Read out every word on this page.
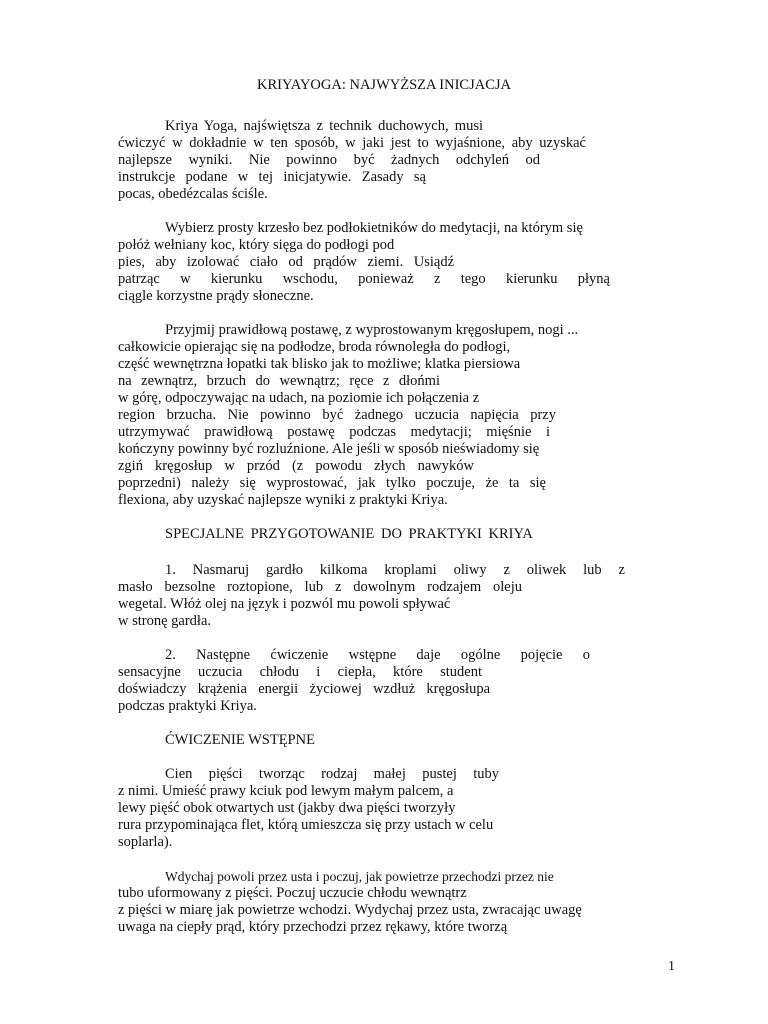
KRIYAYOGA: NAJWYŻSZA INICJACJA
Kriya Yoga, najświętsza z technik duchowych, musi
ćwiczyć w dokładnie w ten sposób, w jaki jest to wyjaśnione, aby uzyskać
najlepsze wyniki. Nie powinno być żadnych odchyleń od
instrukcje podane w tej inicjatywie. Zasady są
pocas, obedézcalas ściśle.
Wybierz prosty krzesło bez podłokietników do medytacji, na którym się
połóż wełniany koc, który sięga do podłogi pod
pies, aby izolować ciało od prądów ziemi. Usiądź
patrząc w kierunku wschodu, ponieważ z tego kierunku płyną
ciągle korzystne prądy słoneczne.
Przyjmij prawidłową postawę, z wyprostowanym kręgosłupem, nogi ...
całkowicie opierając się na podłodze, broda równoległa do podłogi,
część wewnętrzna łopatki tak blisko jak to możliwe; klatka piersiowa
na zewnątrz, brzuch do wewnątrz; ręce z dłońmi
w górę, odpoczywając na udach, na poziomie ich połączenia z
region brzucha. Nie powinno być żadnego uczucia napięcia przy
utrzymywać prawidłową postawę podczas medytacji; mięśnie i
kończyny powinny być rozluźnione. Ale jeśli w sposób nieświadomy się
zgiń kręgosłup w przód (z powodu złych nawyków
poprzedni) należy się wyprostować, jak tylko poczuje, że ta się
flexiona, aby uzyskać najlepsze wyniki z praktyki Kriya.
SPECJALNE PRZYGOTOWANIE DO PRAKTYKI KRIYA
1. Nasmaruj gardło kilkoma kroplami oliwy z oliwek lub z
masło bezsolne roztopione, lub z dowolnym rodzajem oleju
wegetal. Włóż olej na język i pozwól mu powoli spływać
w stronę gardła.
2. Następne ćwiczenie wstępne daje ogólne pojęcie o
sensacyjne uczucia chłodu i ciepła, które student
doświadczy krążenia energii życiowej wzdłuż kręgosłupa
podczas praktyki Kriya.
ĆWICZENIE WSTĘPNE
Cien pięści tworząc rodzaj małej pustej tuby
z nimi. Umieść prawy kciuk pod lewym małym palcem, a
lewy pięść obok otwartych ust (jakby dwa pięści tworzyły
rura przypominająca flet, którą umieszcza się przy ustach w celu
soplarla).
Wdychaj powoli przez usta i poczuj, jak powietrze przechodzi przez nie
tubo uformowany z pięści. Poczuj uczucie chłodu wewnątrz
z pięści w miarę jak powietrze wchodzi. Wydychaj przez usta, zwracając uwagę
uwaga na ciepły prąd, który przechodzi przez rękawy, które tworzą
1
